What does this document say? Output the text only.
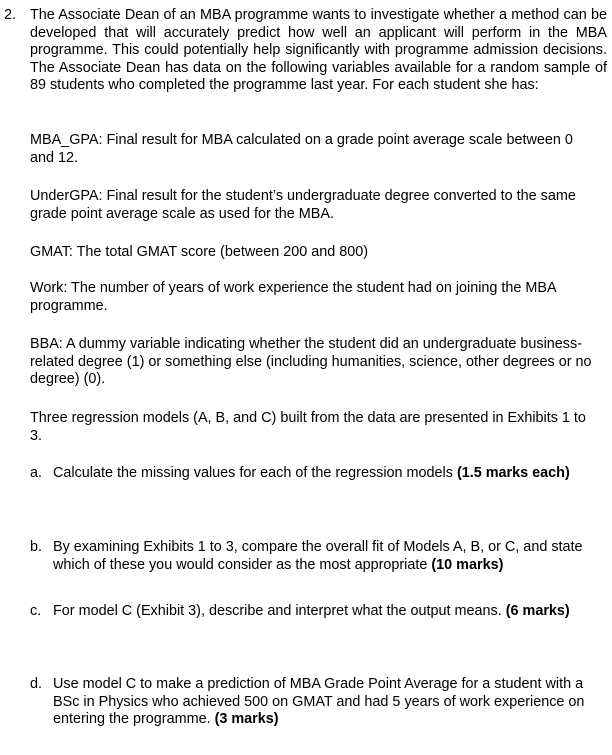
2. The Associate Dean of an MBA programme wants to investigate whether a method can be developed that will accurately predict how well an applicant will perform in the MBA programme. This could potentially help significantly with programme admission decisions. The Associate Dean has data on the following variables available for a random sample of 89 students who completed the programme last year. For each student she has:
MBA_GPA: Final result for MBA calculated on a grade point average scale between 0 and 12.
UnderGPA: Final result for the student’s undergraduate degree converted to the same grade point average scale as used for the MBA.
GMAT: The total GMAT score (between 200 and 800)
Work: The number of years of work experience the student had on joining the MBA programme.
BBA: A dummy variable indicating whether the student did an undergraduate business-related degree (1) or something else (including humanities, science, other degrees or no degree) (0).
Three regression models (A, B, and C) built from the data are presented in Exhibits 1 to 3.
a. Calculate the missing values for each of the regression models (1.5 marks each)
b. By examining Exhibits 1 to 3, compare the overall fit of Models A, B, or C, and state which of these you would consider as the most appropriate (10 marks)
c. For model C (Exhibit 3), describe and interpret what the output means. (6 marks)
d. Use model C to make a prediction of MBA Grade Point Average for a student with a BSc in Physics who achieved 500 on GMAT and had 5 years of work experience on entering the programme. (3 marks)
